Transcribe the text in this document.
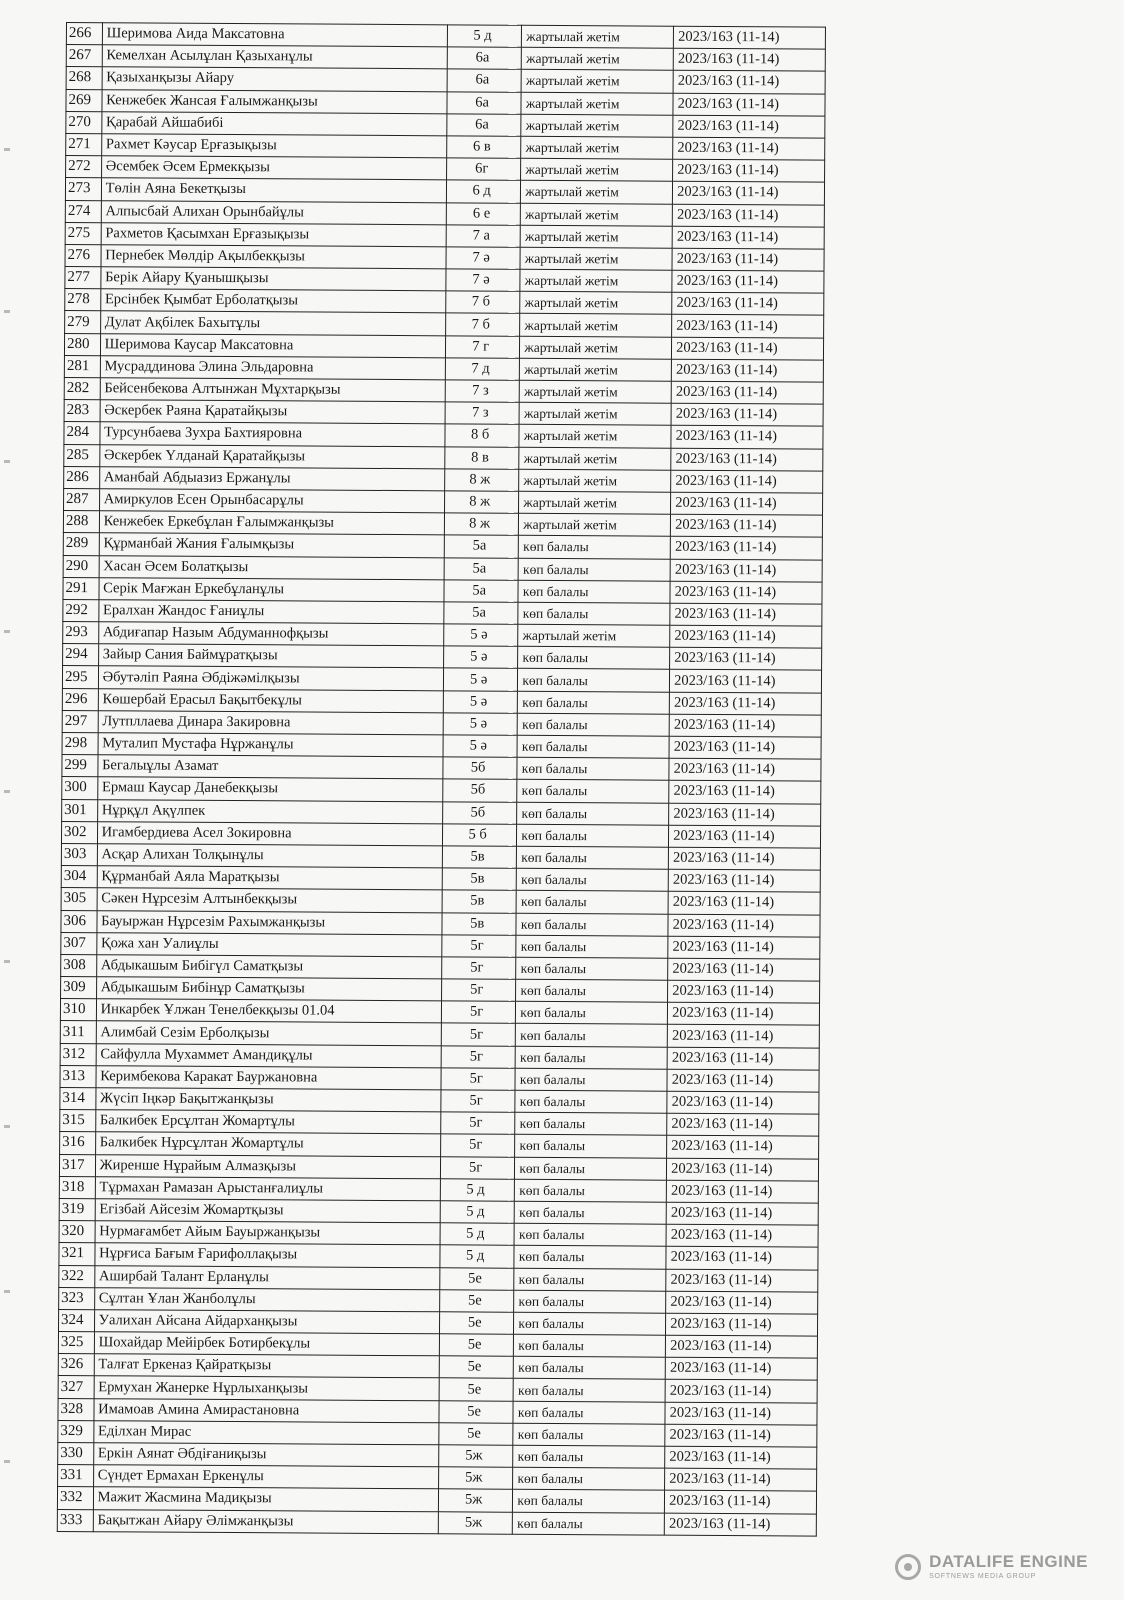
266	Шеримова Аида Максатовна	5 д		жартылай жетім	2023/163 (11-14)
267	Кемелхан Асылұлан Қазыханұлы	6а		жартылай жетім	2023/163 (11-14)
268	Қазыханқызы Айару	6а		жартылай жетім	2023/163 (11-14)
269	Кенжебек Жансая Ғалымжанқызы	6а		жартылай жетім	2023/163 (11-14)
270	Қарабай Айшабибі	6а		жартылай жетім	2023/163 (11-14)
271	Рахмет Кәусар Ерғазықызы	6 в		жартылай жетім	2023/163 (11-14)
272	Әсембек Әсем Ермекқызы	6г		жартылай жетім	2023/163 (11-14)
273	Төлін Аяна Бекетқызы	6 д		жартылай жетім	2023/163 (11-14)
274	Алпысбай Алихан Орынбайұлы	6 е		жартылай жетім	2023/163 (11-14)
275	Рахметов Қасымхан Ерғазықызы	7 а		жартылай жетім	2023/163 (11-14)
276	Пернебек Мөлдір Ақылбекқызы	7 ә		жартылай жетім	2023/163 (11-14)
277	Берік Айару Қуанышқызы	7 ә		жартылай жетім	2023/163 (11-14)
278	Ерсінбек Қымбат Ерболатқызы	7 б		жартылай жетім	2023/163 (11-14)
279	Дулат Ақбілек Бахытұлы	7 б		жартылай жетім	2023/163 (11-14)
280	Шеримова Каусар Максатовна	7 г		жартылай жетім	2023/163 (11-14)
281	Мусраддинова Элина Эльдаровна	7 д		жартылай жетім	2023/163 (11-14)
282	Бейсенбекова Алтынжан Мұхтарқызы	7 з		жартылай жетім	2023/163 (11-14)
283	Әскербек Раяна Қаратайқызы	7 з		жартылай жетім	2023/163 (11-14)
284	Турсунбаева Зухра Бахтияровна	8 б		жартылай жетім	2023/163 (11-14)
285	Әскербек Үлданай Қаратайқызы	8 в		жартылай жетім	2023/163 (11-14)
286	Аманбай Абдыазиз Ержанұлы	8 ж		жартылай жетім	2023/163 (11-14)
287	Амиркулов Есен Орынбасарұлы	8 ж		жартылай жетім	2023/163 (11-14)
288	Кенжебек Еркебұлан Ғалымжанқызы	8 ж		жартылай жетім	2023/163 (11-14)
289	Құрманбай Жания Ғалымқызы	5а		көп балалы	2023/163 (11-14)
290	Хасан Әсем Болатқызы	5а		көп балалы	2023/163 (11-14)
291	Серік Мағжан Еркебұланұлы	5а		көп балалы	2023/163 (11-14)
292	Ералхан Жандос Ғаниұлы	5а		көп балалы	2023/163 (11-14)
293	Абдиғапар Назым Абдуманнофқызы	5 ә		жартылай жетім	2023/163 (11-14)
294	Зайыр Сания Баймұратқызы	5 ә		көп балалы	2023/163 (11-14)
295	Әбутәліп Раяна Әбдіжәмілқызы	5 ә		көп балалы	2023/163 (11-14)
296	Көшербай Ерасыл Бақытбекұлы	5 ә		көп балалы	2023/163 (11-14)
297	Лутпллаева Динара Закировна	5 ә		көп балалы	2023/163 (11-14)
298	Муталип Мустафа Нұржанұлы	5 ә		көп балалы	2023/163 (11-14)
299	Бегалыұлы Азамат	5б		көп балалы	2023/163 (11-14)
300	Ермаш Каусар Данебекқызы	5б		көп балалы	2023/163 (11-14)
301	Нұрқұл Ақүлпек	5б		көп балалы	2023/163 (11-14)
302	Игамбердиева Асел Зокировна	5 б		көп балалы	2023/163 (11-14)
303	Асқар Алихан Толқынұлы	5в		көп балалы	2023/163 (11-14)
304	Құрманбай Аяла Маратқызы	5в		көп балалы	2023/163 (11-14)
305	Сәкен Нұрсезім Алтынбекқызы	5в		көп балалы	2023/163 (11-14)
306	Бауыржан Нұрсезім Рахымжанқызы	5в		көп балалы	2023/163 (11-14)
307	Қожа хан Уалиұлы	5г		көп балалы	2023/163 (11-14)
308	Абдыкашым Бибігүл Саматқызы	5г		көп балалы	2023/163 (11-14)
309	Абдыкашым Бибінұр Саматқызы	5г		көп балалы	2023/163 (11-14)
310	Инкарбек Ұлжан Тенелбекқызы 01.04	5г		көп балалы	2023/163 (11-14)
311	Алимбай Сезім Ерболқызы	5г		көп балалы	2023/163 (11-14)
312	Сайфулла Мухаммет Амандиқұлы	5г		көп балалы	2023/163 (11-14)
313	Керимбекова Каракат Бауржановна	5г		көп балалы	2023/163 (11-14)
314	Жүсіп Іңкәр Бақытжанқызы	5г		көп балалы	2023/163 (11-14)
315	Балкибек Ерсұлтан Жомартұлы	5г		көп балалы	2023/163 (11-14)
316	Балкибек Нұрсұлтан Жомартұлы	5г		көп балалы	2023/163 (11-14)
317	Жиренше Нұрайым Алмазқызы	5г		көп балалы	2023/163 (11-14)
318	Тұрмахан Рамазан Арыстанғалиұлы	5 д		көп балалы	2023/163 (11-14)
319	Егізбай Айсезім Жомартқызы	5 д		көп балалы	2023/163 (11-14)
320	Нурмағамбет Айым Бауыржанқызы	5 д		көп балалы	2023/163 (11-14)
321	Нұрғиса Бағым Ғарифоллақызы	5 д		көп балалы	2023/163 (11-14)
322	Аширбай Талант Ерланұлы	5е		көп балалы	2023/163 (11-14)
323	Сұлтан Ұлан Жанболұлы	5е		көп балалы	2023/163 (11-14)
324	Уалихан Айсана Айдарханқызы	5е		көп балалы	2023/163 (11-14)
325	Шохайдар Мейірбек Ботирбекұлы	5е		көп балалы	2023/163 (11-14)
326	Талғат Еркеназ Қайратқызы	5е		көп балалы	2023/163 (11-14)
327	Ермухан Жанерке Нұрлыханқызы	5е		көп балалы	2023/163 (11-14)
328	Имамоав Амина Амирастановна	5е		көп балалы	2023/163 (11-14)
329	Еділхан Мирас	5е		көп балалы	2023/163 (11-14)
330	Еркін Аянат Әбдіғаниқызы	5ж		көп балалы	2023/163 (11-14)
331	Сүндет Ермахан Еркенұлы	5ж		көп балалы	2023/163 (11-14)
332	Мажит Жасмина Мадиқызы	5ж		көп балалы	2023/163 (11-14)
333	Бақытжан Айару Әлімжанқызы	5ж		көп балалы	2023/163 (11-14)
DATALIFE ENGINE
SOFTNEWS MEDIA GROUP
